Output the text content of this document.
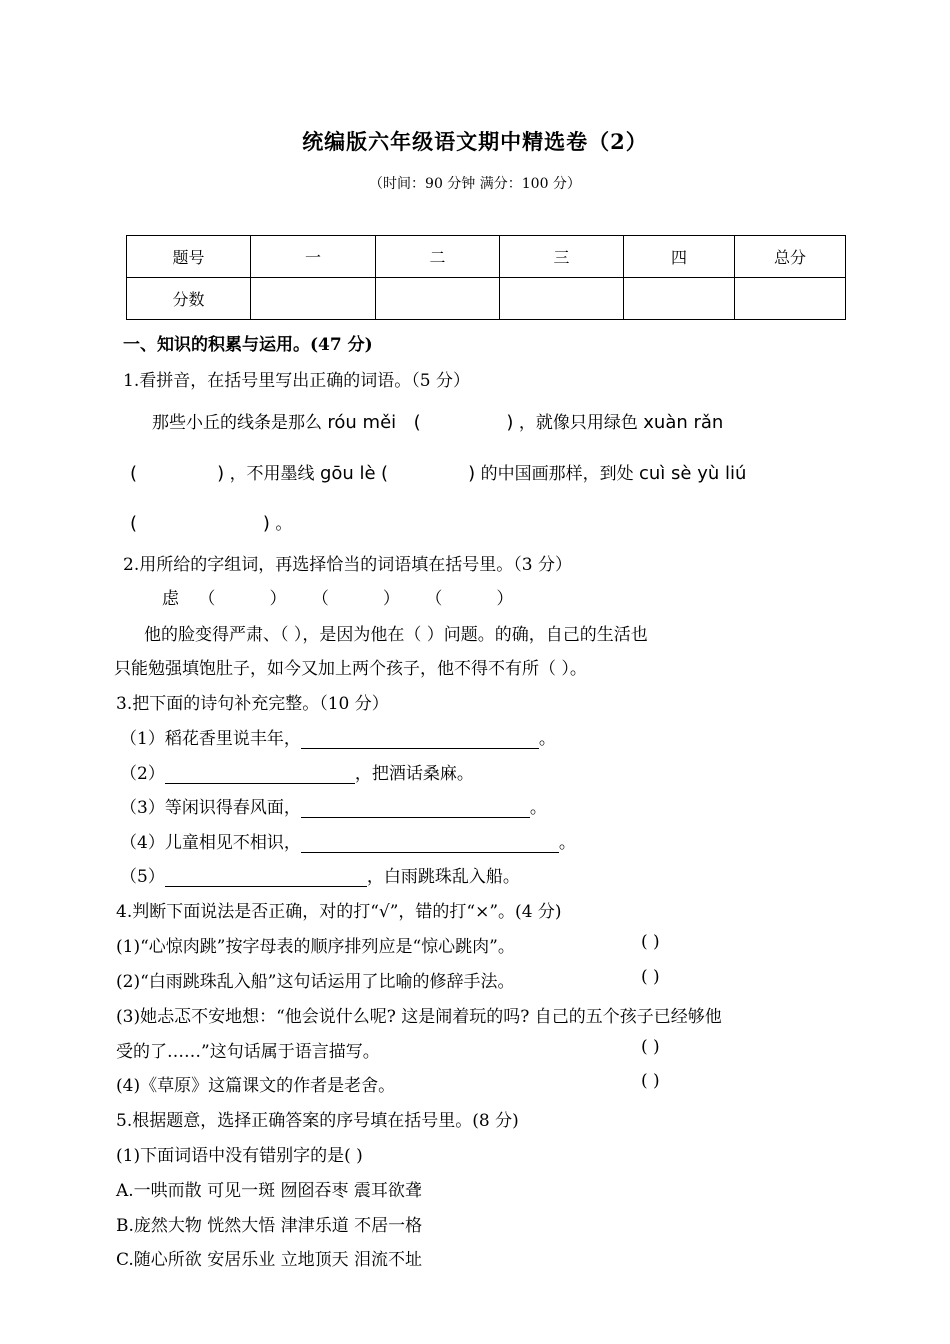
统编版六年级语文期中精选卷（2）
（时间：90 分钟 满分：100 分）
题号	一	二	三	四	总分
分数					
一、知识的积累与运用。(47 分)
1.看拼音，在括号里写出正确的词语。（5 分）
那些小丘的线条是那么 róu měi (               ) ，就像只用绿色 xuàn rǎn
(              ) ，不用墨线 gōu lè (              ) 的中国画那样，到处 cuì sè yù liú
(                      ) 。
2.用所给的字组词，再选择恰当的词语填在括号里。（3 分）
虑 （          ） （          ） （          ）
他的脸变得严肃、（ ），是因为他在（ ）问题。的确，自己的生活也
只能勉强填饱肚子，如今又加上两个孩子，他不得不有所（ ）。
3.把下面的诗句补充完整。（10 分）
（1）稻花香里说丰年，	。
（2）	，把酒话桑麻。
（3）等闲识得春风面，	。
（4）儿童相见不相识，	。
（5）	，白雨跳珠乱入船。
4.判断下面说法是否正确，对的打“√”，错的打“×”。(4 分)
(1)“心惊肉跳”按字母表的顺序排列应是“惊心跳肉”。	( )
(2)“白雨跳珠乱入船”这句话运用了比喻的修辞手法。	( )
(3)她忐忑不安地想：“他会说什么呢? 这是闹着玩的吗? 自己的五个孩子已经够他
受的了……”这句话属于语言描写。	( )
(4)《草原》这篇课文的作者是老舍。	( )
5.根据题意，选择正确答案的序号填在括号里。(8 分)
(1)下面词语中没有错别字的是( )
A.一哄而散 可见一斑 囫囵吞枣 震耳欲聋
B.庞然大物 恍然大悟 津津乐道 不居一格
C.随心所欲 安居乐业 立地顶天 泪流不址
